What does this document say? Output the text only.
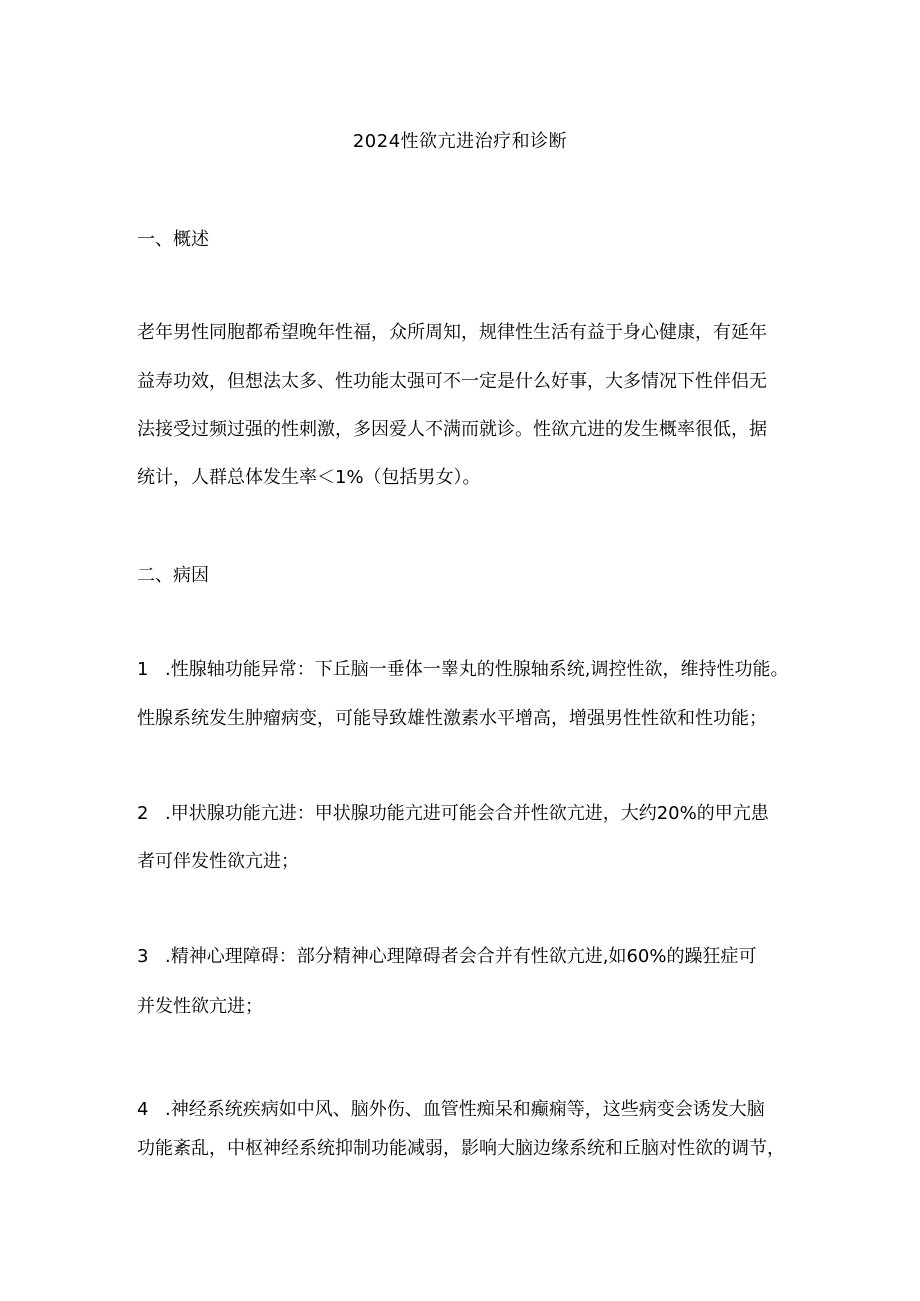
2024性欲亢进治疗和诊断
一、概述
老年男性同胞都希望晚年性福，众所周知，规律性生活有益于身心健康，有延年
益寿功效，但想法太多、性功能太强可不一定是什么好事，大多情况下性伴侣无
法接受过频过强的性刺激，多因爱人不满而就诊。性欲亢进的发生概率很低，据
统计，人群总体发生率＜1%（包括男女）。
二、病因
1 .性腺轴功能异常：下丘脑一垂体一睾丸的性腺轴系统,调控性欲，维持性功能。
性腺系统发生肿瘤病变，可能导致雄性激素水平增高，增强男性性欲和性功能；
2 .甲状腺功能亢进：甲状腺功能亢进可能会合并性欲亢进，大约20%的甲亢患
者可伴发性欲亢进；
3 .精神心理障碍：部分精神心理障碍者会合并有性欲亢进,如60%的躁狂症可
并发性欲亢进；
4 .神经系统疾病如中风、脑外伤、血管性痴呆和癫痫等，这些病变会诱发大脑
功能紊乱，中枢神经系统抑制功能减弱，影响大脑边缘系统和丘脑对性欲的调节，
